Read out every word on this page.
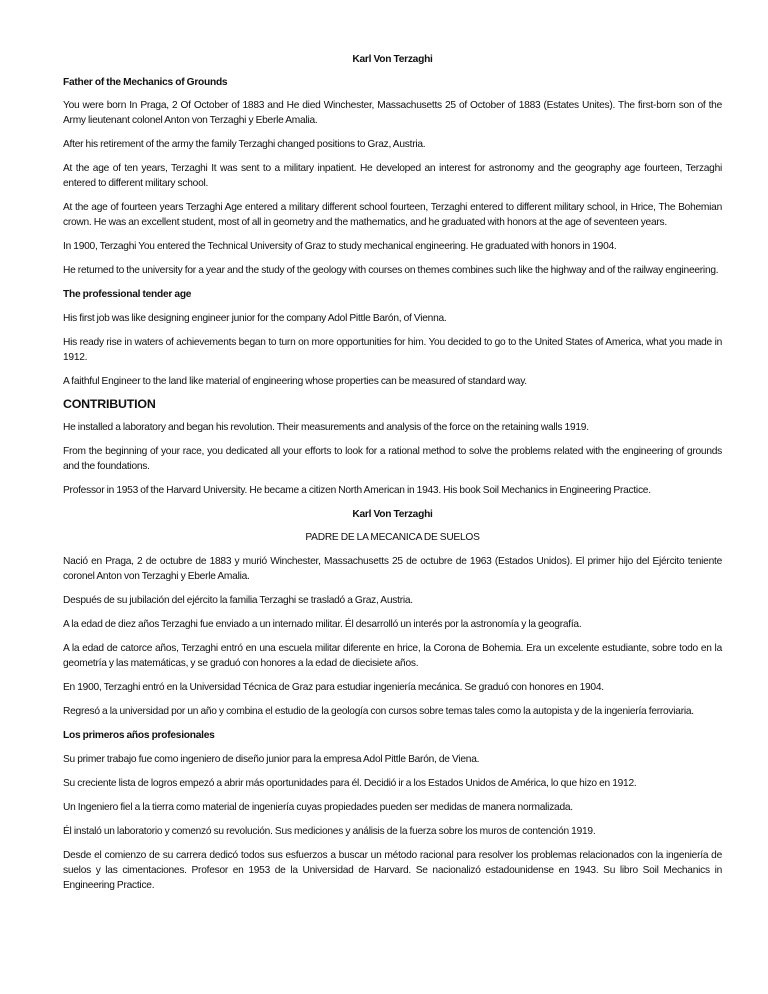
Karl Von Terzaghi

Father of the Mechanics of Grounds

You were born In Praga, 2 Of October of 1883 and He died Winchester, Massachusetts 25 of October of 1883 (Estates Unites). The first-born son of the Army lieutenant colonel Anton von Terzaghi y Eberle Amalia.

After his retirement of the army the family Terzaghi changed positions to Graz, Austria.

At the age of ten years, Terzaghi It was sent to a military inpatient. He developed an interest for astronomy and the geography age fourteen, Terzaghi entered to different military school.

At the age of fourteen years Terzaghi Age entered a military different school fourteen, Terzaghi entered to different military school, in Hrice, The Bohemian crown. He was an excellent student, most of all in geometry and the mathematics, and he graduated with honors at the age of seventeen years.

In 1900, Terzaghi You entered the Technical University of Graz to study mechanical engineering. He graduated with honors in 1904.

He returned to the university for a year and the study of the geology with courses on themes combines such like the highway and of the railway engineering.

The professional tender age

His first job was like designing engineer junior for the company Adol Pittle Barón, of Vienna.

His ready rise in waters of achievements began to turn on more opportunities for him. You decided to go to the United States of America, what you made in 1912.

A faithful Engineer to the land like material of engineering whose properties can be measured of standard way.

CONTRIBUTION

He installed a laboratory and began his revolution. Their measurements and analysis of the force on the retaining walls 1919.

From the beginning of your race, you dedicated all your efforts to look for a rational method to solve the problems related with the engineering of grounds and the foundations.

Professor in 1953 of the Harvard University. He became a citizen North American in 1943. His book Soil Mechanics in Engineering Practice.

Karl Von Terzaghi

PADRE DE LA MECANICA DE SUELOS

Nació en Praga, 2 de octubre de 1883 y murió Winchester, Massachusetts 25 de octubre de 1963 (Estados Unidos). El primer hijo del Ejército teniente coronel Anton von Terzaghi y Eberle Amalia.

Después de su jubilación del ejército la familia Terzaghi se trasladó a Graz, Austria.

A la edad de diez años Terzaghi fue enviado a un internado militar. Él desarrolló un interés por la astronomía y la geografía.

A la edad de catorce años, Terzaghi entró en una escuela militar diferente en hrice, la Corona de Bohemia. Era un excelente estudiante, sobre todo en la geometría y las matemáticas, y se graduó con honores a la edad de diecisiete años.

En 1900, Terzaghi entró en la Universidad Técnica de Graz para estudiar ingeniería mecánica. Se graduó con honores en 1904.

Regresó a la universidad por un año y combina el estudio de la geología con cursos sobre temas tales como la autopista y de la ingeniería ferroviaria.

Los primeros años profesionales

Su primer trabajo fue como ingeniero de diseño junior para la empresa Adol Pittle Barón, de Viena.

Su creciente lista de logros empezó a abrir más oportunidades para él. Decidió ir a los Estados Unidos de América, lo que hizo en 1912.

Un Ingeniero fiel a la tierra como material de ingeniería cuyas propiedades pueden ser medidas de manera normalizada.

Él instaló un laboratorio y comenzó su revolución. Sus mediciones y análisis de la fuerza sobre los muros de contención 1919.

Desde el comienzo de su carrera dedicó todos sus esfuerzos a buscar un método racional para resolver los problemas relacionados con la ingeniería de suelos y las cimentaciones. Profesor en 1953 de la Universidad de Harvard. Se nacionalizó estadounidense en 1943. Su libro Soil Mechanics in Engineering Practice.
